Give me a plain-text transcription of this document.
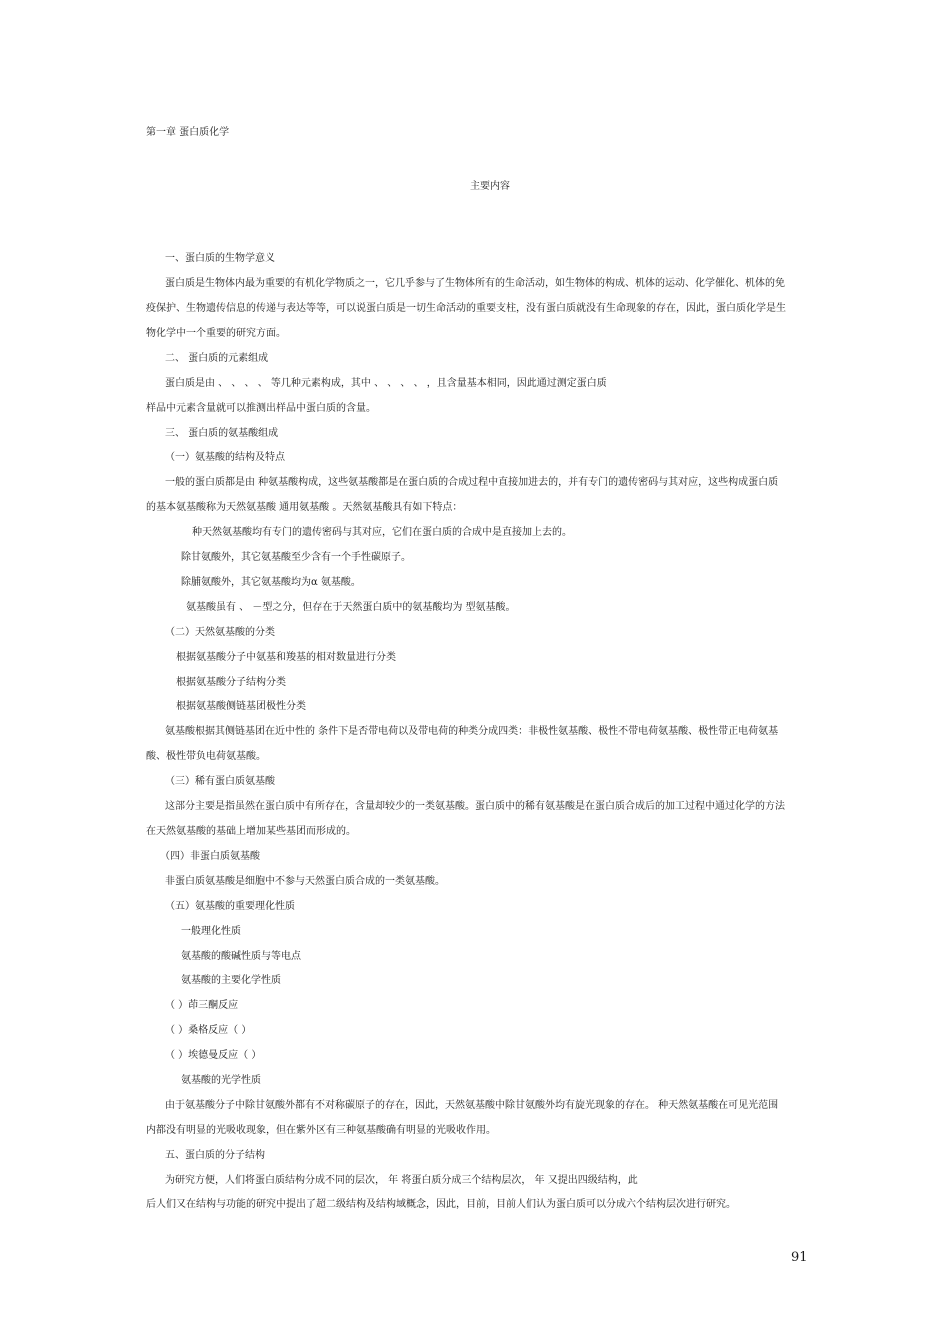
第一章 蛋白质化学
主要内容
一、蛋白质的生物学意义
蛋白质是生物体内最为重要的有机化学物质之一，它几乎参与了生物体所有的生命活动，如生物体的构成、机体的运动、化学催化、机体的免
疫保护、生物遗传信息的传递与表达等等，可以说蛋白质是一切生命活动的重要支柱，没有蛋白质就没有生命现象的存在，因此，蛋白质化学是生
物化学中一个重要的研究方面。
二、 蛋白质的元素组成
蛋白质是由 、 、 、 、 等几种元素构成，其中 、 、 、 、 ，且含量基本相同，因此通过测定蛋白质
样品中元素含量就可以推测出样品中蛋白质的含量。
三、 蛋白质的氨基酸组成
（一）氨基酸的结构及特点
一般的蛋白质都是由 种氨基酸构成，这些氨基酸都是在蛋白质的合成过程中直接加进去的，并有专门的遗传密码与其对应，这些构成蛋白质
的基本氨基酸称为天然氨基酸 通用氨基酸 。天然氨基酸具有如下特点：
种天然氨基酸均有专门的遗传密码与其对应，它们在蛋白质的合成中是直接加上去的。
除甘氨酸外，其它氨基酸至少含有一个手性碳原子。
除脯氨酸外，其它氨基酸均为α 氨基酸。
氨基酸虽有 、 －型之分，但存在于天然蛋白质中的氨基酸均为 型氨基酸。
（二）天然氨基酸的分类
根据氨基酸分子中氨基和羧基的相对数量进行分类
根据氨基酸分子结构分类
根据氨基酸侧链基团极性分类
氨基酸根据其侧链基团在近中性的 条件下是否带电荷以及带电荷的种类分成四类：非极性氨基酸、极性不带电荷氨基酸、极性带正电荷氨基
酸、极性带负电荷氨基酸。
（三）稀有蛋白质氨基酸
这部分主要是指虽然在蛋白质中有所存在，含量却较少的一类氨基酸。蛋白质中的稀有氨基酸是在蛋白质合成后的加工过程中通过化学的方法
在天然氨基酸的基础上增加某些基团而形成的。
（四）非蛋白质氨基酸
非蛋白质氨基酸是细胞中不参与天然蛋白质合成的一类氨基酸。
（五）氨基酸的重要理化性质
一般理化性质
氨基酸的酸碱性质与等电点
氨基酸的主要化学性质
（ ）茚三酮反应
（ ）桑格反应（ ）
（ ）埃德曼反应（ ）
氨基酸的光学性质
由于氨基酸分子中除甘氨酸外都有不对称碳原子的存在，因此，天然氨基酸中除甘氨酸外均有旋光现象的存在。 种天然氨基酸在可见光范围
内都没有明显的光吸收现象，但在紫外区有三种氨基酸确有明显的光吸收作用。
五、蛋白质的分子结构
为研究方便，人们将蛋白质结构分成不同的层次， 年 将蛋白质分成三个结构层次， 年 又提出四级结构，此
后人们又在结构与功能的研究中提出了超二级结构及结构域概念，因此，目前，目前人们认为蛋白质可以分成六个结构层次进行研究。
91
